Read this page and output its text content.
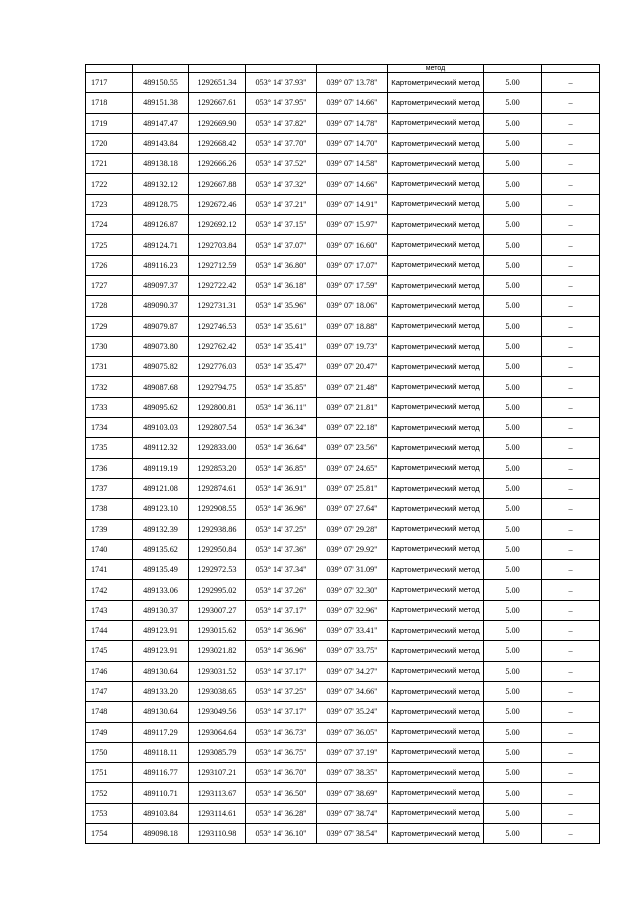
					метод		
1717	489150.55	1292651.34	053° 14' 37.93"	039° 07' 13.78"	Картометрический метод	5.00	–
1718	489151.38	1292667.61	053° 14' 37.95"	039° 07' 14.66"	Картометрический метод	5.00	–
1719	489147.47	1292669.90	053° 14' 37.82"	039° 07' 14.78"	Картометрический метод	5.00	–
1720	489143.84	1292668.42	053° 14' 37.70"	039° 07' 14.70"	Картометрический метод	5.00	–
1721	489138.18	1292666.26	053° 14' 37.52"	039° 07' 14.58"	Картометрический метод	5.00	–
1722	489132.12	1292667.88	053° 14' 37.32"	039° 07' 14.66"	Картометрический метод	5.00	–
1723	489128.75	1292672.46	053° 14' 37.21"	039° 07' 14.91"	Картометрический метод	5.00	–
1724	489126.87	1292692.12	053° 14' 37.15"	039° 07' 15.97"	Картометрический метод	5.00	–
1725	489124.71	1292703.84	053° 14' 37.07"	039° 07' 16.60"	Картометрический метод	5.00	–
1726	489116.23	1292712.59	053° 14' 36.80"	039° 07' 17.07"	Картометрический метод	5.00	–
1727	489097.37	1292722.42	053° 14' 36.18"	039° 07' 17.59"	Картометрический метод	5.00	–
1728	489090.37	1292731.31	053° 14' 35.96"	039° 07' 18.06"	Картометрический метод	5.00	–
1729	489079.87	1292746.53	053° 14' 35.61"	039° 07' 18.88"	Картометрический метод	5.00	–
1730	489073.80	1292762.42	053° 14' 35.41"	039° 07' 19.73"	Картометрический метод	5.00	–
1731	489075.82	1292776.03	053° 14' 35.47"	039° 07' 20.47"	Картометрический метод	5.00	–
1732	489087.68	1292794.75	053° 14' 35.85"	039° 07' 21.48"	Картометрический метод	5.00	–
1733	489095.62	1292800.81	053° 14' 36.11"	039° 07' 21.81"	Картометрический метод	5.00	–
1734	489103.03	1292807.54	053° 14' 36.34"	039° 07' 22.18"	Картометрический метод	5.00	–
1735	489112.32	1292833.00	053° 14' 36.64"	039° 07' 23.56"	Картометрический метод	5.00	–
1736	489119.19	1292853.20	053° 14' 36.85"	039° 07' 24.65"	Картометрический метод	5.00	–
1737	489121.08	1292874.61	053° 14' 36.91"	039° 07' 25.81"	Картометрический метод	5.00	–
1738	489123.10	1292908.55	053° 14' 36.96"	039° 07' 27.64"	Картометрический метод	5.00	–
1739	489132.39	1292938.86	053° 14' 37.25"	039° 07' 29.28"	Картометрический метод	5.00	–
1740	489135.62	1292950.84	053° 14' 37.36"	039° 07' 29.92"	Картометрический метод	5.00	–
1741	489135.49	1292972.53	053° 14' 37.34"	039° 07' 31.09"	Картометрический метод	5.00	–
1742	489133.06	1292995.02	053° 14' 37.26"	039° 07' 32.30"	Картометрический метод	5.00	–
1743	489130.37	1293007.27	053° 14' 37.17"	039° 07' 32.96"	Картометрический метод	5.00	–
1744	489123.91	1293015.62	053° 14' 36.96"	039° 07' 33.41"	Картометрический метод	5.00	–
1745	489123.91	1293021.82	053° 14' 36.96"	039° 07' 33.75"	Картометрический метод	5.00	–
1746	489130.64	1293031.52	053° 14' 37.17"	039° 07' 34.27"	Картометрический метод	5.00	–
1747	489133.20	1293038.65	053° 14' 37.25"	039° 07' 34.66"	Картометрический метод	5.00	–
1748	489130.64	1293049.56	053° 14' 37.17"	039° 07' 35.24"	Картометрический метод	5.00	–
1749	489117.29	1293064.64	053° 14' 36.73"	039° 07' 36.05"	Картометрический метод	5.00	–
1750	489118.11	1293085.79	053° 14' 36.75"	039° 07' 37.19"	Картометрический метод	5.00	–
1751	489116.77	1293107.21	053° 14' 36.70"	039° 07' 38.35"	Картометрический метод	5.00	–
1752	489110.71	1293113.67	053° 14' 36.50"	039° 07' 38.69"	Картометрический метод	5.00	–
1753	489103.84	1293114.61	053° 14' 36.28"	039° 07' 38.74"	Картометрический метод	5.00	–
1754	489098.18	1293110.98	053° 14' 36.10"	039° 07' 38.54"	Картометрический метод	5.00	–
